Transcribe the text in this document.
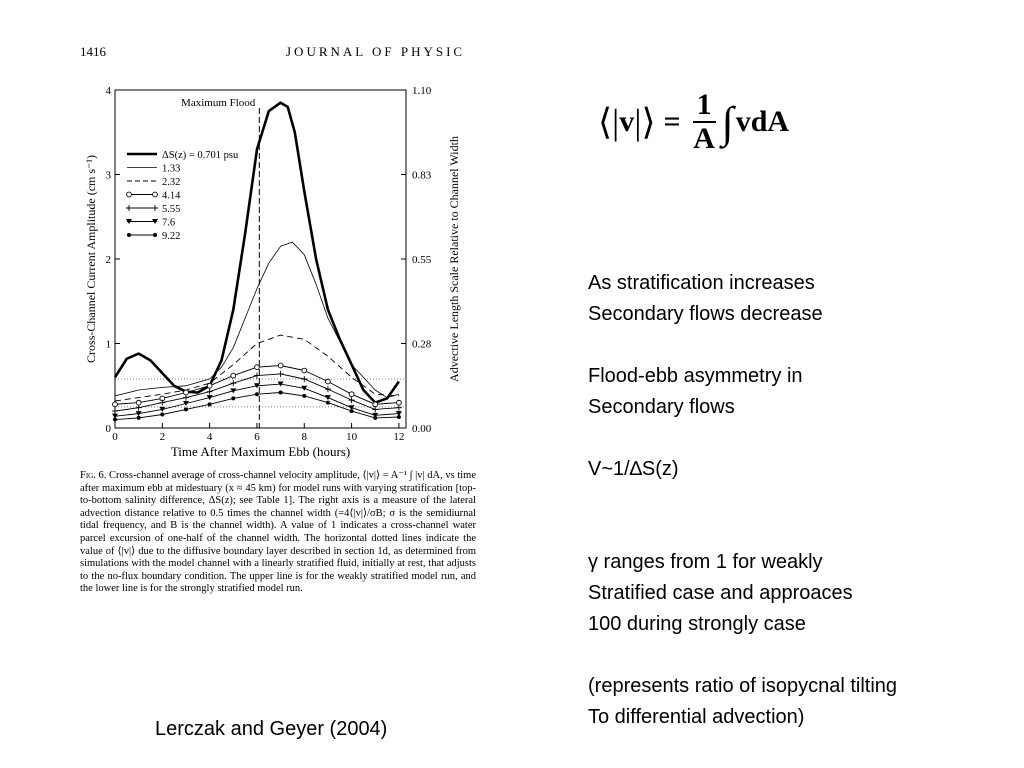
1416	JOURNAL OF PHYSIC
0	2	4	6	8	10	12
0
1
2
3
4
0.00
0.28
0.55
0.83
1.10
Time After Maximum Ebb (hours)
Cross-Channel Current Amplitude (cm s⁻¹)	Advective Length Scale Relative to Channel Width
Maximum Flood
ΔS(z) = 0.701 psu
1.33
2.32
4.14
5.55
7.6
9.22
Fig. 6. Cross-channel average of cross-channel velocity amplitude, ⟨|v|⟩ = A⁻¹ ∫ |v| dA, vs time after maximum ebb at midestuary (x ≈ 45 km) for model runs with varying stratification [top-to-bottom salinity difference, ΔS(z); see Table 1]. The right axis is a measure of the lateral advection distance relative to 0.5 times the channel width (=4⟨|v|⟩/σB; σ is the semidiurnal tidal frequency, and B is the channel width). A value of 1 indicates a cross-channel water parcel excursion of one-half of the channel width. The horizontal dotted lines indicate the value of ⟨|v|⟩ due to the diffusive boundary layer described in section 1d, as determined from simulations with the model channel with a linearly stratified fluid, initially at rest, that adjusts to the no-flux boundary condition. The upper line is for the weakly stratified model run, and the lower line is for the strongly stratified model run.
Lerczak and Geyer (2004)
⟨| v |⟩ = $\frac{1}{A}$ ∫ vdA

As stratification increases

Secondary flows decrease

Flood-ebb asymmetry in

Secondary flows

V~1/∆S(z)

γ ranges from 1 for weakly

Stratified case and approaces

100 during strongly case

(represents ratio of isopycnal tilting

To differential advection)
